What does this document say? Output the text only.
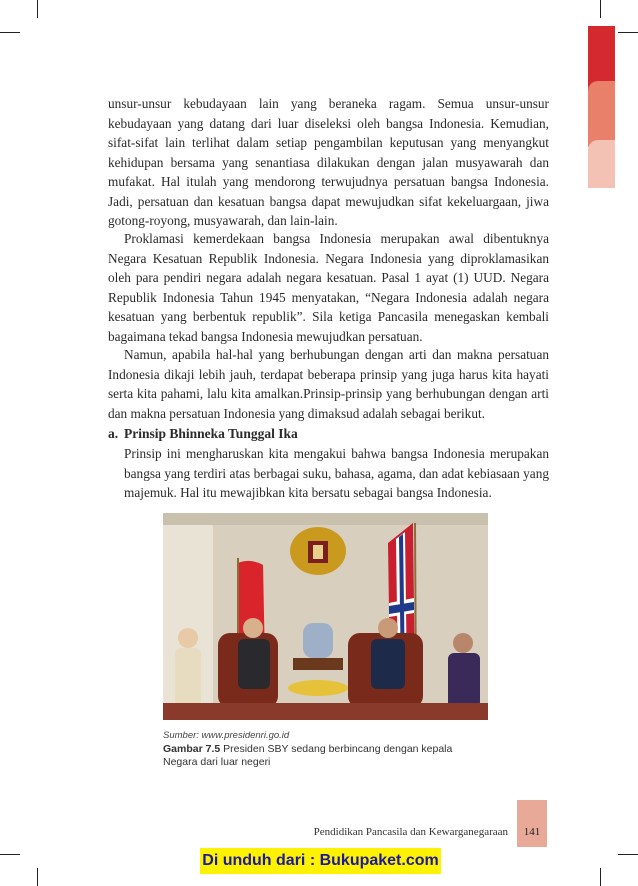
unsur-unsur kebudayaan lain yang beraneka ragam. Semua unsur-unsur kebudayaan yang datang dari luar diseleksi oleh bangsa Indonesia. Kemudian, sifat-sifat lain terlihat dalam setiap pengambilan keputusan yang menyangkut kehidupan bersama yang senantiasa dilakukan dengan jalan musyawarah dan mufakat. Hal itulah yang mendorong terwujudnya persatuan bangsa Indonesia. Jadi, persatuan dan kesatuan bangsa dapat mewujudkan sifat kekeluargaan, jiwa gotong-royong, musyawarah, dan lain-lain.

Proklamasi kemerdekaan bangsa Indonesia merupakan awal dibentuknya Negara Kesatuan Republik Indonesia. Negara Indonesia yang diproklamasikan oleh para pendiri negara adalah negara kesatuan. Pasal 1 ayat (1) UUD. Negara Republik Indonesia Tahun 1945 menyatakan, “Negara Indonesia adalah negara kesatuan yang berbentuk republik”. Sila ketiga Pancasila menegaskan kembali bagaimana tekad bangsa Indonesia mewujudkan persatuan.

Namun, apabila hal-hal yang berhubungan dengan arti dan makna persatuan Indonesia dikaji lebih jauh, terdapat beberapa prinsip yang juga harus kita hayati serta kita pahami, lalu kita amalkan.Prinsip-prinsip yang berhubungan dengan arti dan makna persatuan Indonesia yang dimaksud adalah sebagai berikut.

a. Prinsip Bhinneka Tunggal Ika

Prinsip ini mengharuskan kita mengakui bahwa bangsa Indonesia merupakan bangsa yang terdiri atas berbagai suku, bahasa, agama, dan adat kebiasaan yang majemuk. Hal itu mewajibkan kita bersatu sebagai bangsa Indonesia.

Sumber: www.presidenri.go.id

Gambar 7.5 Presiden SBY sedang berbincang dengan kepala Negara dari luar negeri

Pendidikan Pancasila dan Kewarganegaraan	141
Di unduh dari : Bukupaket.com
